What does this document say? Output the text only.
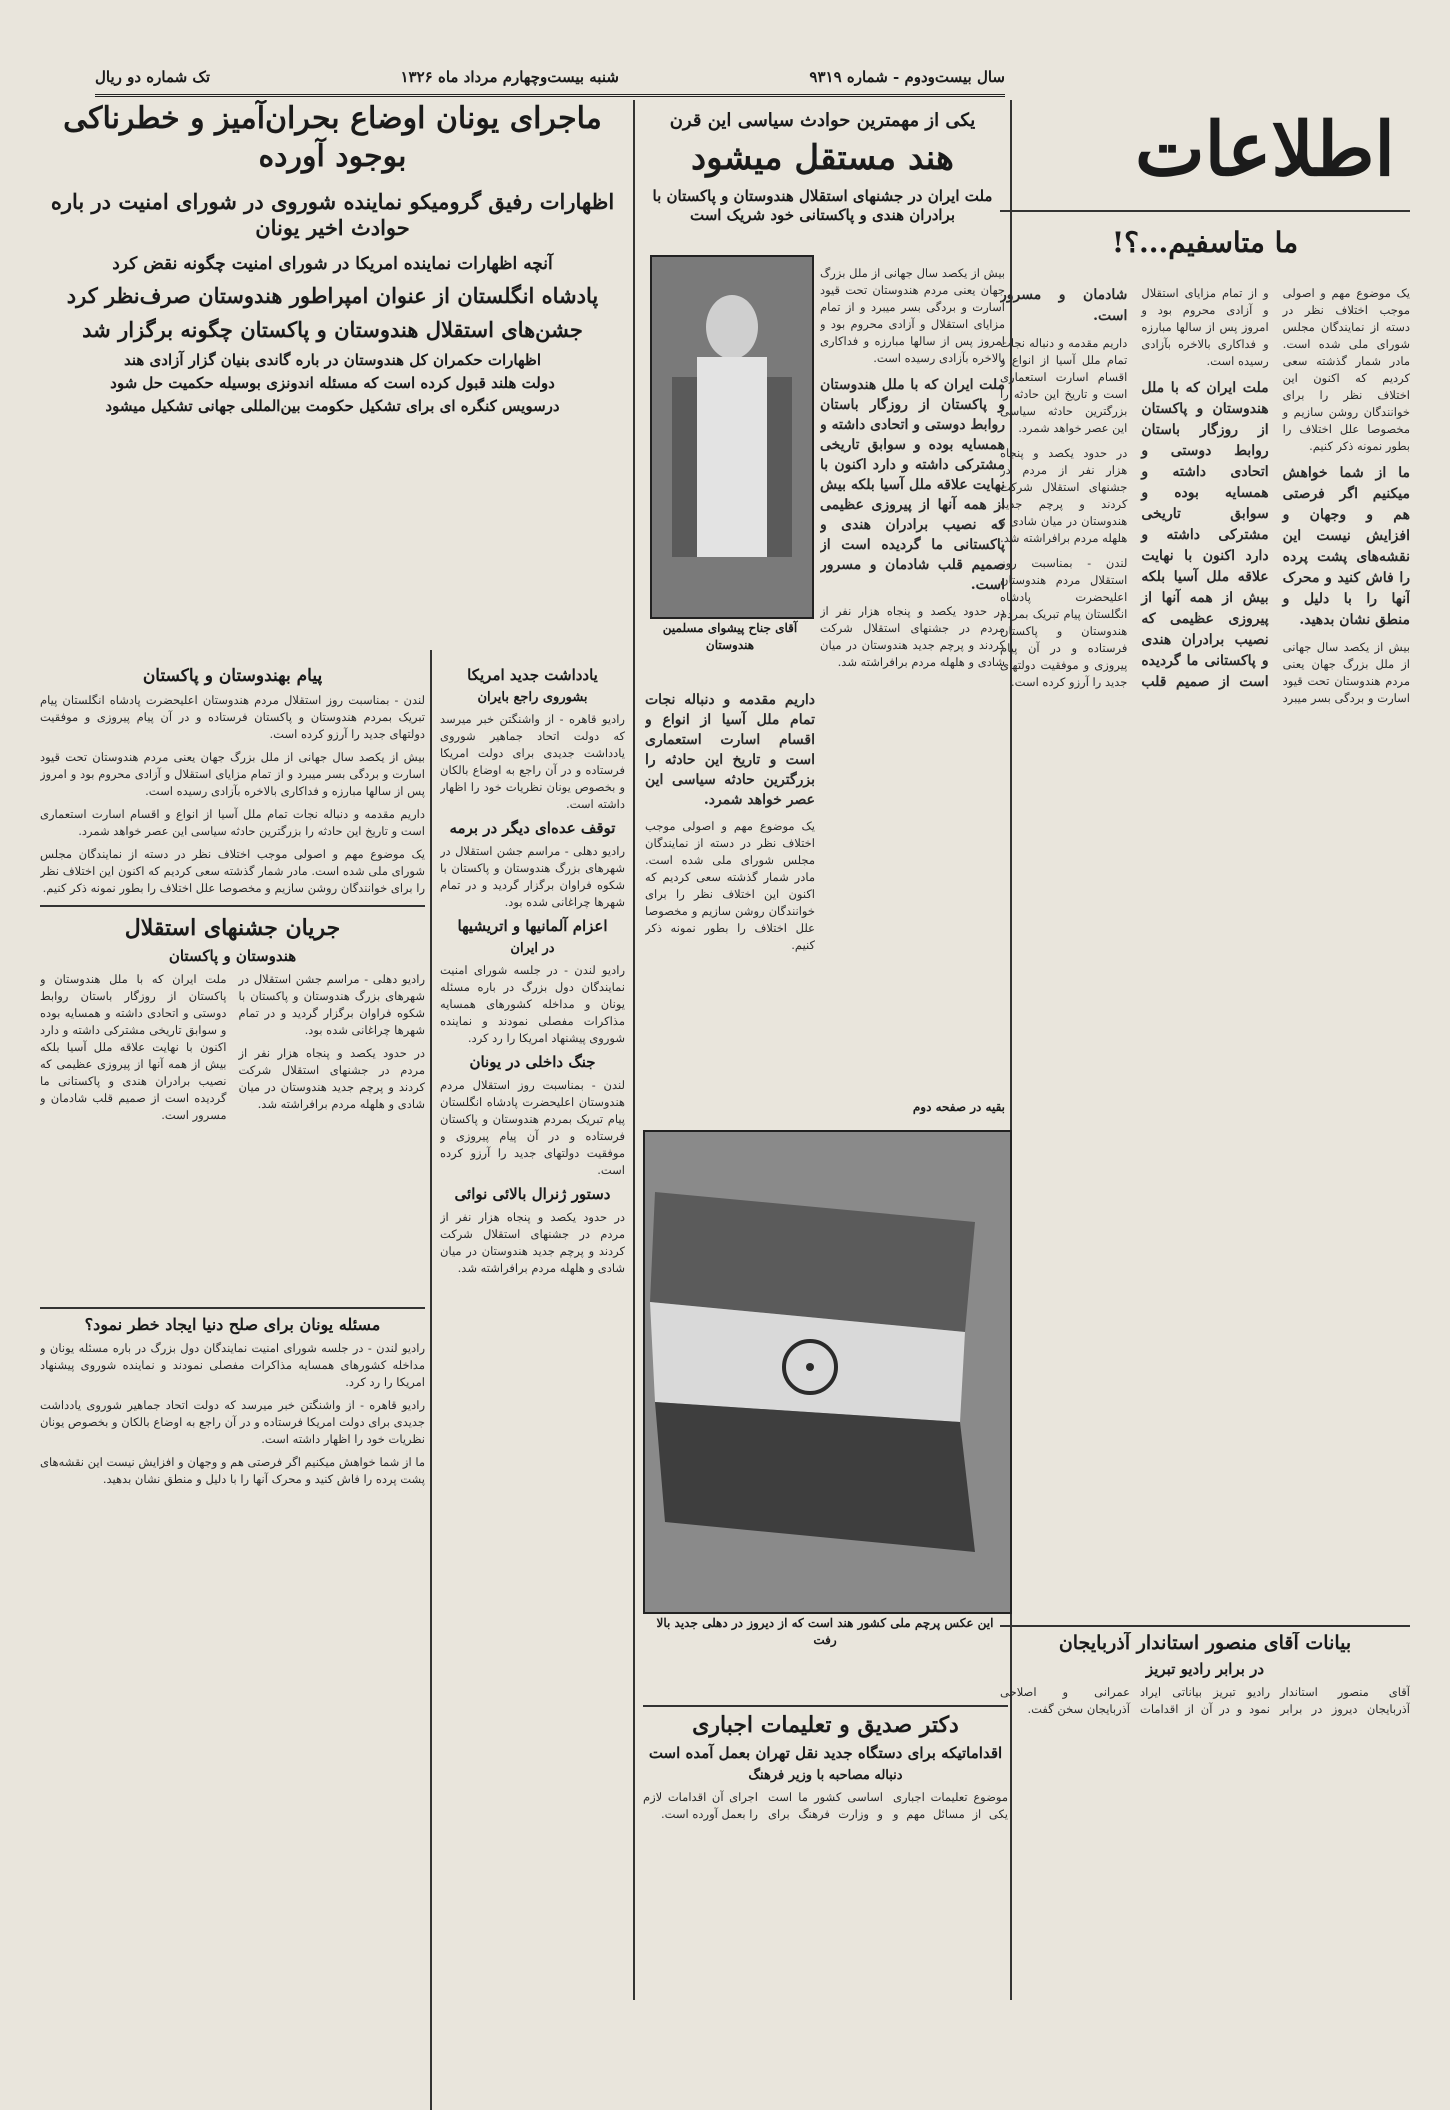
سال بیست‌ودوم - شماره ۹۳۱۹
شنبه بیست‌وچهارم مرداد ماه ۱۳۲۶
تک شماره دو ریال
اطلاعات
ماجرای یونان اوضاع بحران‌آمیز و خطرناکی بوجود آورده
اظهارات رفیق گرومیکو نماینده شوروی در شورای امنیت در باره حوادث اخیر یونان
آنچه اظهارات نماینده امریکا در شورای امنیت چگونه نقض کرد
پادشاه انگلستان از عنوان امپراطور هندوستان صرف‌نظر کرد
جشن‌های استقلال هندوستان و پاکستان چگونه برگزار شد
اظهارات حکمران کل هندوستان در باره گاندی بنیان گزار آزادی هند
دولت هلند قبول کرده است که مسئله اندونزی بوسیله حکمیت حل شود
درسویس کنگره ای برای تشکیل حکومت بین‌المللی جهانی تشکیل میشود
یکی از مهمترین حوادث سیاسی این قرن
هند مستقل میشود
ملت ایران در جشنهای استقلال هندوستان و پاکستان با برادران هندی و پاکستانی خود شریک است
ما متاسفیم...؟!

یک موضوع مهم و اصولی موجب اختلاف نظر در دسته از نمایندگان مجلس شورای ملی شده است. مادر شمار گذشته سعی کردیم که اکنون این اختلاف نظر را برای خوانندگان روشن سازیم و مخصوصا علل اختلاف را بطور نمونه ذکر کنیم.

ما از شما خواهش میکنیم اگر فرصتی هم و وجهان و افزایش نیست این نقشه‌های پشت پرده را فاش کنید و محرک آنها را با دلیل و منطق نشان بدهید.

بیش از یکصد سال جهانی از ملل بزرگ جهان یعنی مردم هندوستان تحت قیود اسارت و بردگی بسر میبرد و از تمام مزایای استقلال و آزادی محروم بود و امروز پس از سالها مبارزه و فداکاری بالاخره بآزادی رسیده است.

ملت ایران که با ملل هندوستان و پاکستان از روزگار باستان روابط دوستی و اتحادی داشته و همسایه بوده و سوابق تاریخی مشترکی داشته و دارد اکنون با نهایت علاقه ملل آسیا بلکه بیش از همه آنها از پیروزی عظیمی که نصیب برادران هندی و پاکستانی ما گردیده است از صمیم قلب شادمان و مسرور است.

داریم مقدمه و دنباله نجات تمام ملل آسیا از انواع و اقسام اسارت استعماری است و تاریخ این حادثه را بزرگترین حادثه سیاسی این عصر خواهد شمرد.

در حدود یکصد و پنجاه هزار نفر از مردم در جشنهای استقلال شرکت کردند و پرچم جدید هندوستان در میان شادی و هلهله مردم برافراشته شد.

لندن - بمناسبت روز استقلال مردم هندوستان اعلیحضرت پادشاه انگلستان پیام تبریک بمردم هندوستان و پاکستان فرستاده و در آن پیام پیروزی و موفقیت دولتهای جدید را آرزو کرده است.

آقای جناح پیشوای مسلمین هندوستان

بیش از یکصد سال جهانی از ملل بزرگ جهان یعنی مردم هندوستان تحت قیود اسارت و بردگی بسر میبرد و از تمام مزایای استقلال و آزادی محروم بود و امروز پس از سالها مبارزه و فداکاری بالاخره بآزادی رسیده است.

ملت ایران که با ملل هندوستان و پاکستان از روزگار باستان روابط دوستی و اتحادی داشته و همسایه بوده و سوابق تاریخی مشترکی داشته و دارد اکنون با نهایت علاقه ملل آسیا بلکه بیش از همه آنها از پیروزی عظیمی که نصیب برادران هندی و پاکستانی ما گردیده است از صمیم قلب شادمان و مسرور است.

در حدود یکصد و پنجاه هزار نفر از مردم در جشنهای استقلال شرکت کردند و پرچم جدید هندوستان در میان شادی و هلهله مردم برافراشته شد.

داریم مقدمه و دنباله نجات تمام ملل آسیا از انواع و اقسام اسارت استعماری است و تاریخ این حادثه را بزرگترین حادثه سیاسی این عصر خواهد شمرد.

یک موضوع مهم و اصولی موجب اختلاف نظر در دسته از نمایندگان مجلس شورای ملی شده است. مادر شمار گذشته سعی کردیم که اکنون این اختلاف نظر را برای خوانندگان روشن سازیم و مخصوصا علل اختلاف را بطور نمونه ذکر کنیم.

بقیه در صفحه دوم
این عکس پرچم ملی کشور هند است که از دیروز در دهلی جدید بالا رفت
دکتر صدیق و تعلیمات اجباری
اقداماتیکه برای دستگاه جدید نقل تهران بعمل آمده است
دنباله مصاحبه با وزیر فرهنگ

موضوع تعلیمات اجباری یکی از مسائل مهم و اساسی کشور ما است و وزارت فرهنگ برای اجرای آن اقدامات لازم را بعمل آورده است.

بیانات آقای منصور استاندار آذربایجان
در برابر رادیو تبریز

آقای منصور استاندار آذربایجان دیروز در برابر رادیو تبریز بیاناتی ایراد نمود و در آن از اقدامات عمرانی و اصلاحی آذربایجان سخن گفت.

یادداشت جدید امریکا
بشوروی راجع بایران

رادیو قاهره - از واشنگتن خبر میرسد که دولت اتحاد جماهیر شوروی یادداشت جدیدی برای دولت امریکا فرستاده و در آن راجع به اوضاع بالکان و بخصوص یونان نظریات خود را اظهار داشته است.

توقف عده‌ای دیگر در برمه

رادیو دهلی - مراسم جشن استقلال در شهرهای بزرگ هندوستان و پاکستان با شکوه فراوان برگزار گردید و در تمام شهرها چراغانی شده بود.

اعزام آلمانیها و اتریشیها
در ایران

رادیو لندن - در جلسه شورای امنیت نمایندگان دول بزرگ در باره مسئله یونان و مداخله کشورهای همسایه مذاکرات مفصلی نمودند و نماینده شوروی پیشنهاد امریکا را رد کرد.

جنگ داخلی در یونان

لندن - بمناسبت روز استقلال مردم هندوستان اعلیحضرت پادشاه انگلستان پیام تبریک بمردم هندوستان و پاکستان فرستاده و در آن پیام پیروزی و موفقیت دولتهای جدید را آرزو کرده است.

دستور ژنرال بالائی نوائی

در حدود یکصد و پنجاه هزار نفر از مردم در جشنهای استقلال شرکت کردند و پرچم جدید هندوستان در میان شادی و هلهله مردم برافراشته شد.

پیام بهندوستان و پاکستان

لندن - بمناسبت روز استقلال مردم هندوستان اعلیحضرت پادشاه انگلستان پیام تبریک بمردم هندوستان و پاکستان فرستاده و در آن پیام پیروزی و موفقیت دولتهای جدید را آرزو کرده است.

بیش از یکصد سال جهانی از ملل بزرگ جهان یعنی مردم هندوستان تحت قیود اسارت و بردگی بسر میبرد و از تمام مزایای استقلال و آزادی محروم بود و امروز پس از سالها مبارزه و فداکاری بالاخره بآزادی رسیده است.

داریم مقدمه و دنباله نجات تمام ملل آسیا از انواع و اقسام اسارت استعماری است و تاریخ این حادثه را بزرگترین حادثه سیاسی این عصر خواهد شمرد.

یک موضوع مهم و اصولی موجب اختلاف نظر در دسته از نمایندگان مجلس شورای ملی شده است. مادر شمار گذشته سعی کردیم که اکنون این اختلاف نظر را برای خوانندگان روشن سازیم و مخصوصا علل اختلاف را بطور نمونه ذکر کنیم.

جریان جشنهای استقلال
هندوستان و پاکستان

رادیو دهلی - مراسم جشن استقلال در شهرهای بزرگ هندوستان و پاکستان با شکوه فراوان برگزار گردید و در تمام شهرها چراغانی شده بود.

در حدود یکصد و پنجاه هزار نفر از مردم در جشنهای استقلال شرکت کردند و پرچم جدید هندوستان در میان شادی و هلهله مردم برافراشته شد.

ملت ایران که با ملل هندوستان و پاکستان از روزگار باستان روابط دوستی و اتحادی داشته و همسایه بوده و سوابق تاریخی مشترکی داشته و دارد اکنون با نهایت علاقه ملل آسیا بلکه بیش از همه آنها از پیروزی عظیمی که نصیب برادران هندی و پاکستانی ما گردیده است از صمیم قلب شادمان و مسرور است.

مسئله یونان برای صلح دنیا ایجاد خطر نمود؟

رادیو لندن - در جلسه شورای امنیت نمایندگان دول بزرگ در باره مسئله یونان و مداخله کشورهای همسایه مذاکرات مفصلی نمودند و نماینده شوروی پیشنهاد امریکا را رد کرد.

رادیو قاهره - از واشنگتن خبر میرسد که دولت اتحاد جماهیر شوروی یادداشت جدیدی برای دولت امریکا فرستاده و در آن راجع به اوضاع بالکان و بخصوص یونان نظریات خود را اظهار داشته است.

ما از شما خواهش میکنیم اگر فرصتی هم و وجهان و افزایش نیست این نقشه‌های پشت پرده را فاش کنید و محرک آنها را با دلیل و منطق نشان بدهید.
